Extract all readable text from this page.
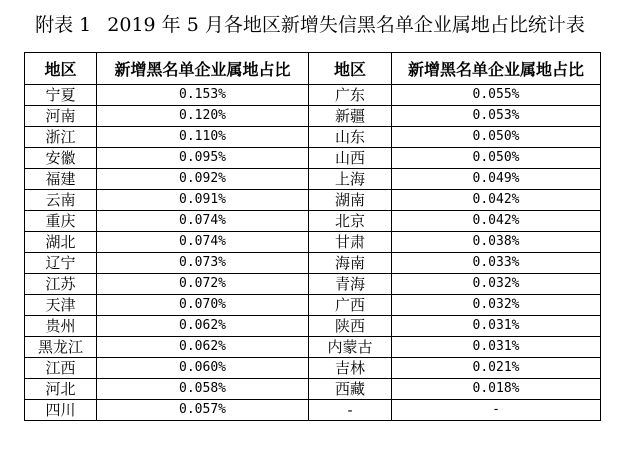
附表 1 2019 年 5 月各地区新增失信黑名单企业属地占比统计表
地区	新增黑名单企业属地占比	地区	新增黑名单企业属地占比
宁夏	0.153%	广东	0.055%
河南	0.120%	新疆	0.053%
浙江	0.110%	山东	0.050%
安徽	0.095%	山西	0.050%
福建	0.092%	上海	0.049%
云南	0.091%	湖南	0.042%
重庆	0.074%	北京	0.042%
湖北	0.074%	甘肃	0.038%
辽宁	0.073%	海南	0.033%
江苏	0.072%	青海	0.032%
天津	0.070%	广西	0.032%
贵州	0.062%	陕西	0.031%
黑龙江	0.062%	内蒙古	0.031%
江西	0.060%	吉林	0.021%
河北	0.058%	西藏	0.018%
四川	0.057%	-	-
